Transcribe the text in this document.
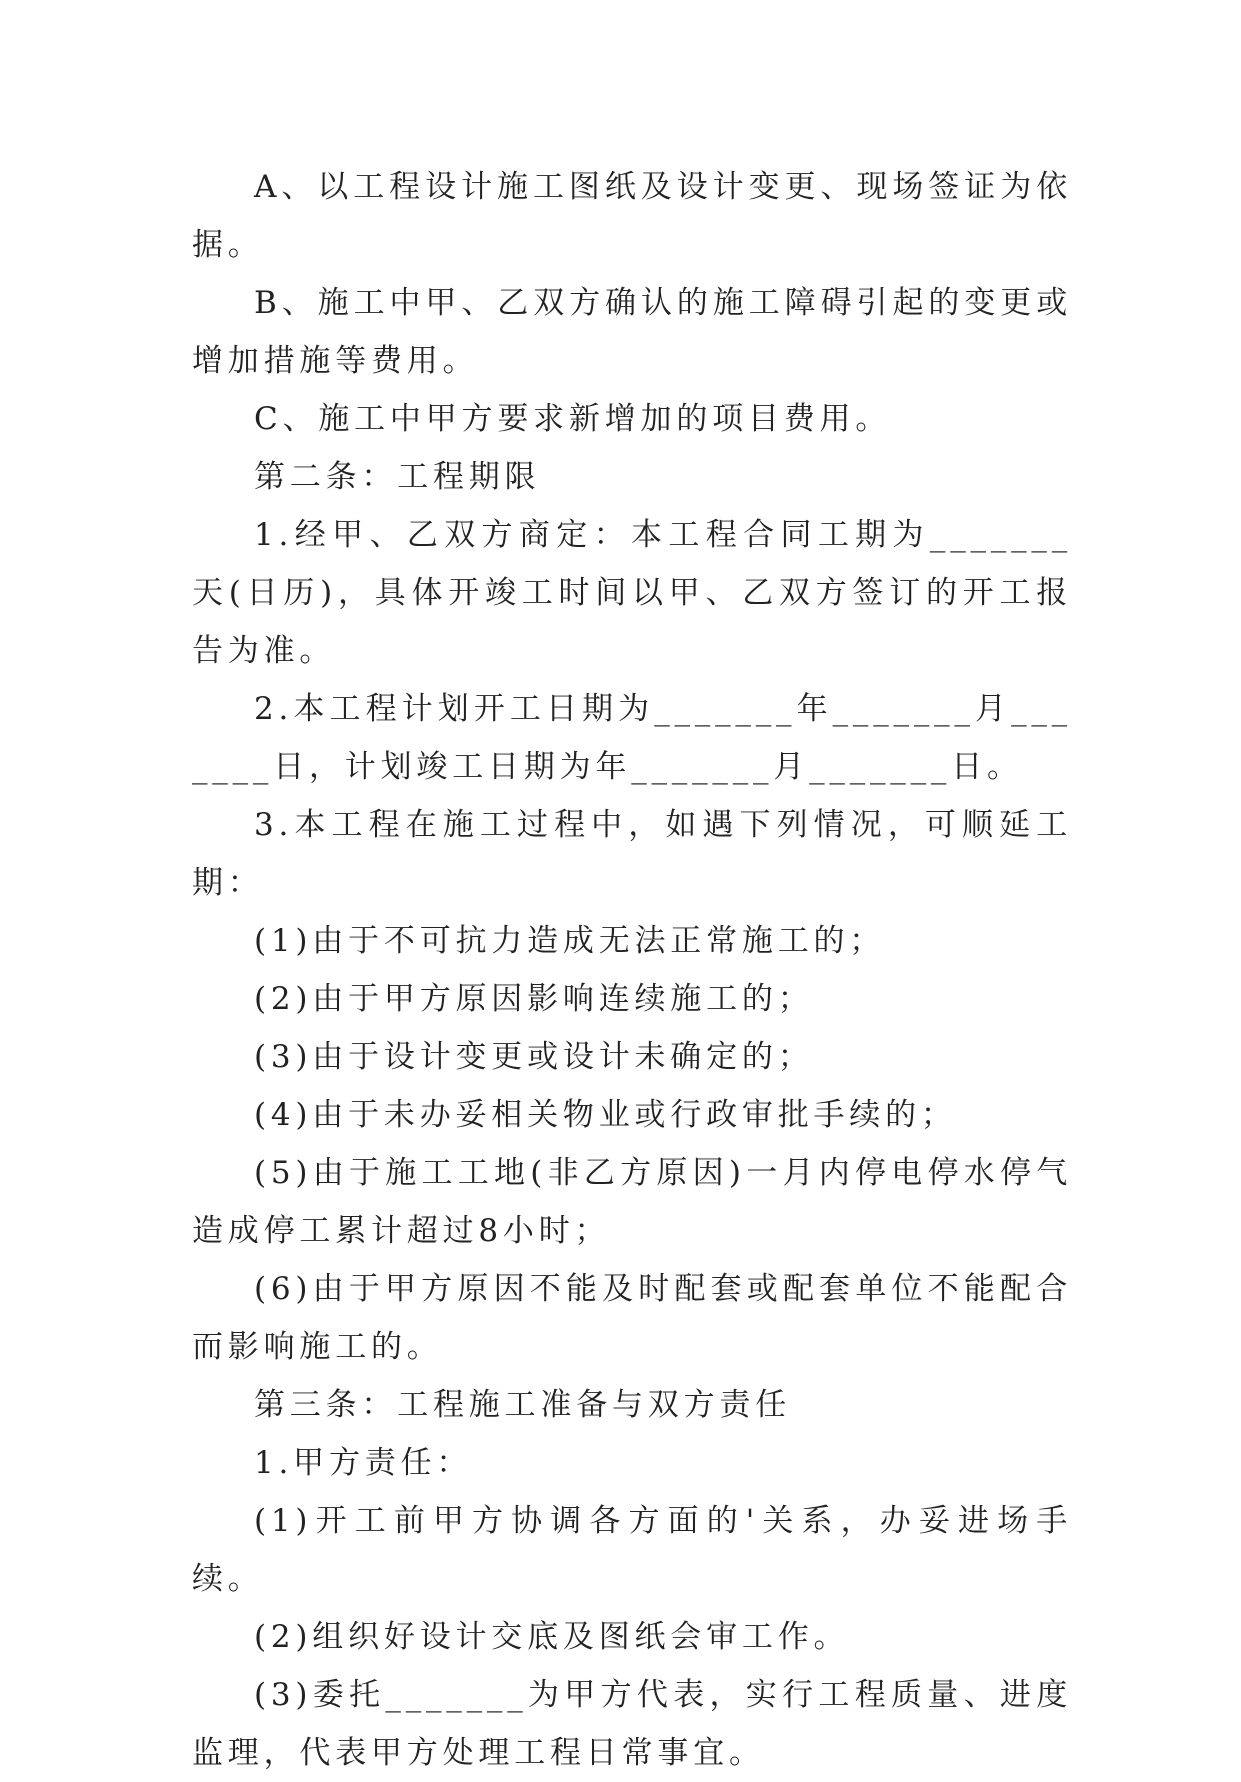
A、以工程设计施工图纸及设计变更、现场签证为依据。

B、施工中甲、乙双方确认的施工障碍引起的变更或增加措施等费用。

C、施工中甲方要求新增加的项目费用。

第二条：工程期限

1.经甲、乙双方商定：本工程合同工期为_______天(日历)，具体开竣工时间以甲、乙双方签订的开工报告为准。

2.本工程计划开工日期为_______年_______月_______日，计划竣工日期为年_______月_______日。

3.本工程在施工过程中，如遇下列情况，可顺延工期：

(1)由于不可抗力造成无法正常施工的；

(2)由于甲方原因影响连续施工的；

(3)由于设计变更或设计未确定的；

(4)由于未办妥相关物业或行政审批手续的；

(5)由于施工工地(非乙方原因)一月内停电停水停气造成停工累计超过8小时；

(6)由于甲方原因不能及时配套或配套单位不能配合而影响施工的。

第三条：工程施工准备与双方责任

1.甲方责任：

(1)开工前甲方协调各方面的'关系，办妥进场手续。

(2)组织好设计交底及图纸会审工作。

(3)委托_______为甲方代表，实行工程质量、进度监理，代表甲方处理工程日常事宜。
